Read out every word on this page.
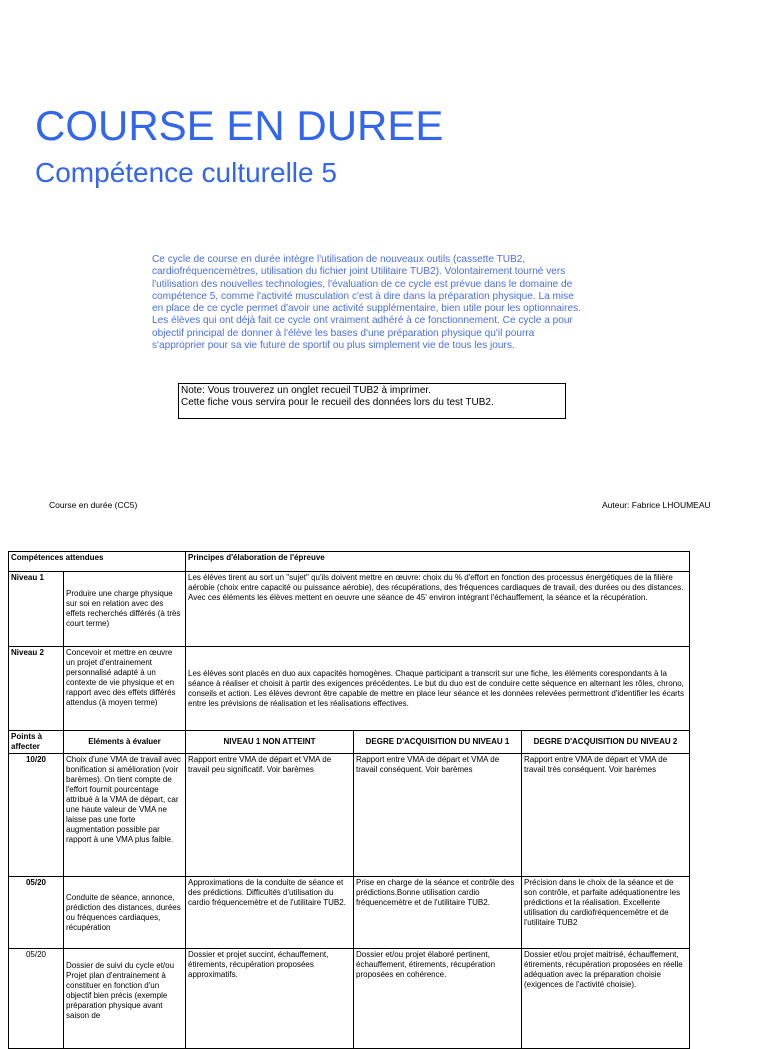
COURSE EN DUREE
Compétence culturelle 5

Ce cycle de course en durée intègre l'utilisation de nouveaux outils (cassette TUB2, cardiofréquencemètres, utilisation du fichier joint Utilitaire TUB2). Volontairement tourné vers l'utilisation des nouvelles technologies, l'évaluation de ce cycle est prévue dans le domaine de compétence 5, comme l'activité musculation c'est à dire dans la préparation physique. La mise en place de ce cycle permet d'avoir une activité supplémentaire, bien utile pour les optionnaires. Les élèves qui ont déjà fait ce cycle ont vraiment adhéré à ce fonctionnement. Ce cycle a pour objectif principal de donner à l'élève les bases d'une préparation physique qu'il pourra s'approprier pour sa vie future de sportif ou plus simplement vie de tous les jours.

Note: Vous trouverez un onglet recueil TUB2 à imprimer.
Cette fiche vous servira pour le recueil des données lors du test TUB2.
Course en durée (CC5)	Auteur: Fabrice LHOUMEAU
Compétences attendues		Principes d'élaboration de l'épreuve		
Niveau 1	Produire une charge physique sur soi en relation avec des effets recherchés différés (à très court terme)	Les élèves tirent au sort un "sujet" qu'ils doivent mettre en œuvre: choix du % d'effort en fonction des processus énergétiques de la filière aérobie (choix entre capacité ou puissance aérobie), des récupérations, des fréquences cardiaques de travail, des durées ou des distances. Avec ces éléments les élèves mettent en oeuvre une séance de 45' environ intégrant l'échauffement, la séance et la récupération.		
Niveau 2	Concevoir et mettre en œuvre un projet d'entrainement personnalisé adapté à un contexte de vie physique et en rapport avec des effets différés attendus (à moyen terme)	Les élèves sont placés en duo aux capacités homogènes. Chaque participant a transcrit sur une fiche, les éléments corespondants à la séance à réaliser et choisit à partir des exigences précédentes. Le but du duo est de conduire cette séquence en alternant les rôles, chrono, conseils et action. Les élèves devront être capable de mettre en place leur séance et les données relevées permettront d'identifier les écarts entre les prévisions de réalisation et les réalisations effectives.		
Points à affecter	Eléments à évaluer	NIVEAU 1 NON ATTEINT	DEGRE D'ACQUISITION DU NIVEAU 1	DEGRE D'ACQUISITION DU NIVEAU 2
10/20	Choix d'une VMA de travail avec bonification si amélioration (voir barèmes). On tient compte de l'effort fournit pourcentage attribué à la VMA de départ, car une haute valeur de VMA ne laisse pas une forte augmentation possible par rapport à une VMA plus faible.	Rapport entre VMA de départ et VMA de travail peu significatif. Voir barèmes	Rapport entre VMA de départ et VMA de travail conséquent. Voir barèmes	Rapport entre VMA de départ et VMA de travail très conséquent. Voir barèmes
05/20	Conduite de séance, annonce, prédiction des distances, durées ou fréquences cardiaques, récupération	Approximations de la conduite de séance et des prédictions. Difficultés d'utilisation du cardio fréquencemètre et de l'utilitaire TUB2.	Prise en charge de la séance et contrôle des prédictions.Bonne utilisation cardio fréquencemètre et de l'utilitaire TUB2.	Précision dans le choix de la séance et de son contrôle, et parfaite adéquationentre les prédictions et la réalisation. Excellente utilisation du cardiofréquencemètre et de l'utilitaire TUB2
05/20	Dossier de suivi du cycle et/ou Projet plan d'entrainement à constituer en fonction d'un objectif bien précis (exemple préparation physique avant saison de	Dossier et projet succint, échauffement, étirements, récupération proposées approximatifs.	Dossier et/ou projet élaboré pertinent, échauffement, étirements, récupération proposées en cohérence.	Dossier et/ou projet maitrisé, échauffement, étirements, récupération proposées en réelle adéquation avec la préparation choisie (exigences de l'activité choisie).
